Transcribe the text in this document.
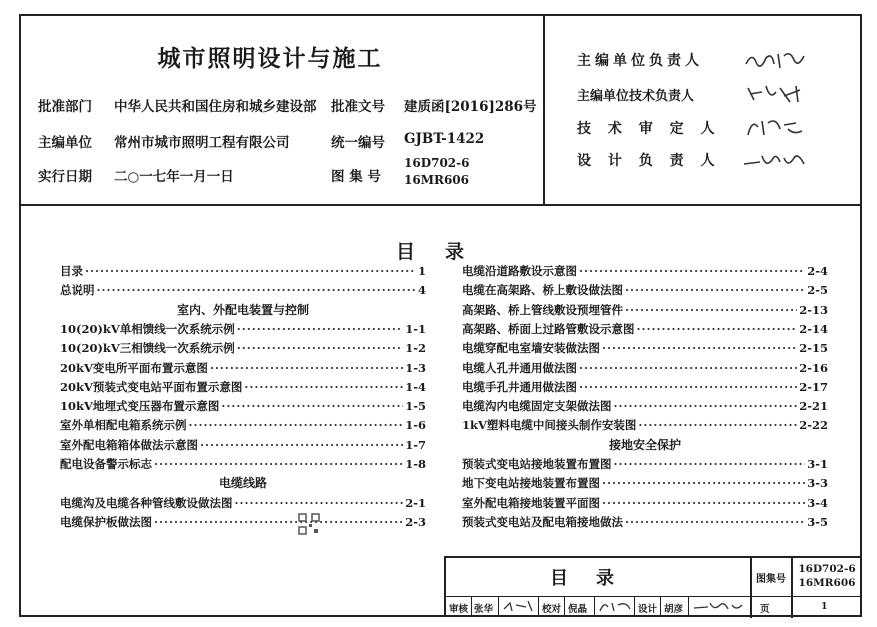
城市照明设计与施工
批准部门 中华人民共和国住房和城乡建设部 批准文号 建质函[2016]286号
主编单位 常州市城市照明工程有限公司	统一编号 GJBT-1422
实行日期 二○一七年一月一日	图 集 号
16D702-6
16MR606
主编单位负责人
主编单位技术负责人
技 术 审 定 人
设 计 负 责 人
目录
目录 ·····	1
总说明 ·····	4
室内、外配电装置与控制
10(20)kV单相馈线一次系统示例 ·····	1-1
10(20)kV三相馈线一次系统示例 ·····	1-2
20kV变电所平面布置示意图 ·····	1-3
20kV预装式变电站平面布置示意图 ·····	1-4
10kV地埋式变压器布置示意图 ·····	1-5
室外单相配电箱系统示例 ·····	1-6
室外配电箱箱体做法示意图 ·····	1-7
配电设备警示标志 ·····	1-8
电缆线路
电缆沟及电缆各种管线敷设做法图 ·····	2-1
电缆保护板做法图 ·····	2-3
电缆沿道路敷设示意图 ·····	2-4
电缆在高架路、桥上敷设做法图 ·····	2-5
高架路、桥上管线敷设预埋管件 ·····	2-13
高架路、桥面上过路管敷设示意图 ·····	2-14
电缆穿配电室墙安装做法图 ·····	2-15
电缆人孔井通用做法图 ·····	2-16
电缆手孔井通用做法图 ·····	2-17
电缆沟内电缆固定支架做法图 ·····	2-21
1kV塑料电缆中间接头制作安装图 ·····	2-22
接地安全保护
预装式变电站接地装置布置图 ·····	3-1
地下变电站接地装置布置图 ·····	3-3
室外配电箱接地装置平面图 ·····	3-4
预装式变电站及配电箱接地做法 ·····	3-5
目录	图集号
16D702-6
16MR606
审核 张华	校对 倪晶	设计 胡彦	页	1
